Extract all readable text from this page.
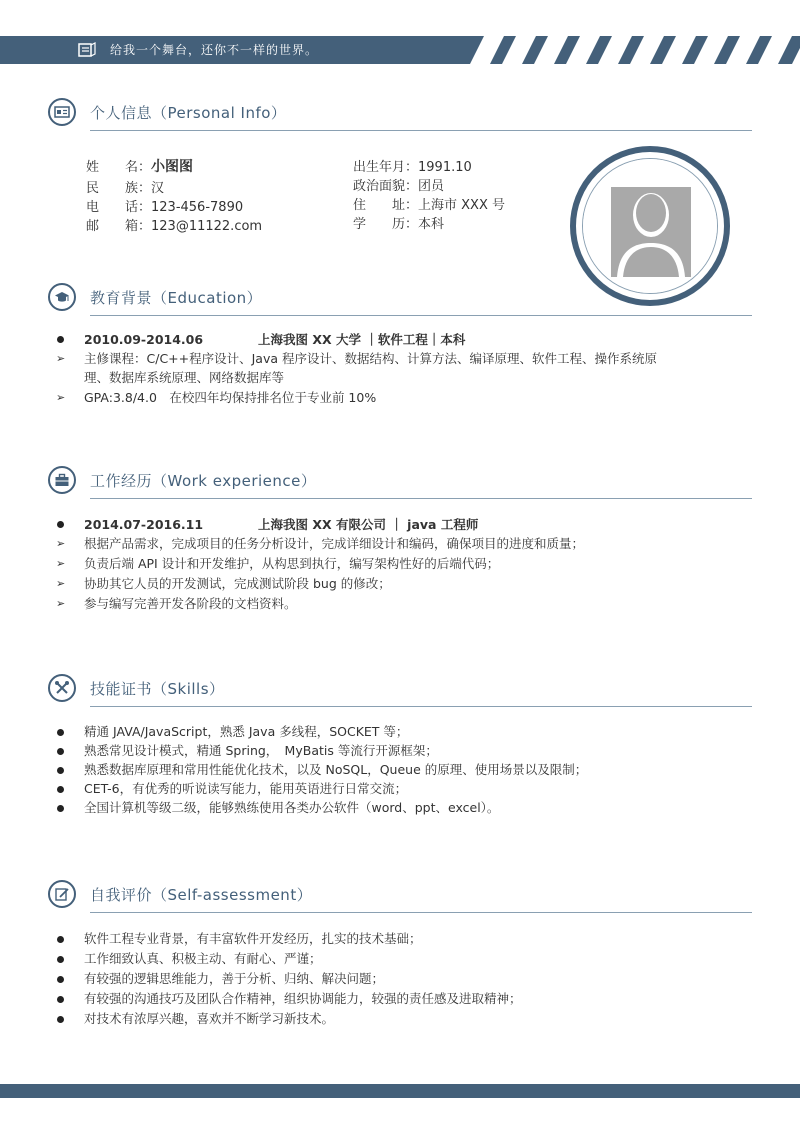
给我一个舞台，还你不一样的世界。
个人信息（Personal Info）
姓　　名：小图图
民　　族：汉
电　　话：123-456-7890
邮　　箱：123@11122.com
出生年月：1991.10
政治面貌：团员
住　　址：上海市 XXX 号
学　　历：本科
教育背景（Education）
2010.09-2014.06	上海我图 XX 大学 ｜软件工程｜本科
➢ 主修课程：C/C++程序设计、Java 程序设计、数据结构、计算方法、编译原理、软件工程、操作系统原
理、数据库系统原理、网络数据库等
➢ GPA:3.8/4.0　在校四年均保持排名位于专业前 10%
工作经历（Work experience）
2014.07-2016.11	上海我图 XX 有限公司 ｜ java 工程师
➢ 根据产品需求，完成项目的任务分析设计，完成详细设计和编码，确保项目的进度和质量；
➢ 负责后端 API 设计和开发维护，从构思到执行，编写架构性好的后端代码；
➢ 协助其它人员的开发测试，完成测试阶段 bug 的修改；
➢ 参与编写完善开发各阶段的文档资料。
技能证书（Skills）
精通 JAVA/JavaScript，熟悉 Java 多线程，SOCKET 等；
熟悉常见设计模式，精通 Spring，　MyBatis 等流行开源框架；
熟悉数据库原理和常用性能优化技术，以及 NoSQL，Queue 的原理、使用场景以及限制；
CET-6，有优秀的听说读写能力，能用英语进行日常交流；
全国计算机等级二级，能够熟练使用各类办公软件（word、ppt、excel）。
自我评价（Self-assessment）
软件工程专业背景，有丰富软件开发经历，扎实的技术基础；
工作细致认真、积极主动、有耐心、严谨；
有较强的逻辑思维能力，善于分析、归纳、解决问题；
有较强的沟通技巧及团队合作精神，组织协调能力，较强的责任感及进取精神；
对技术有浓厚兴趣，喜欢并不断学习新技术。
